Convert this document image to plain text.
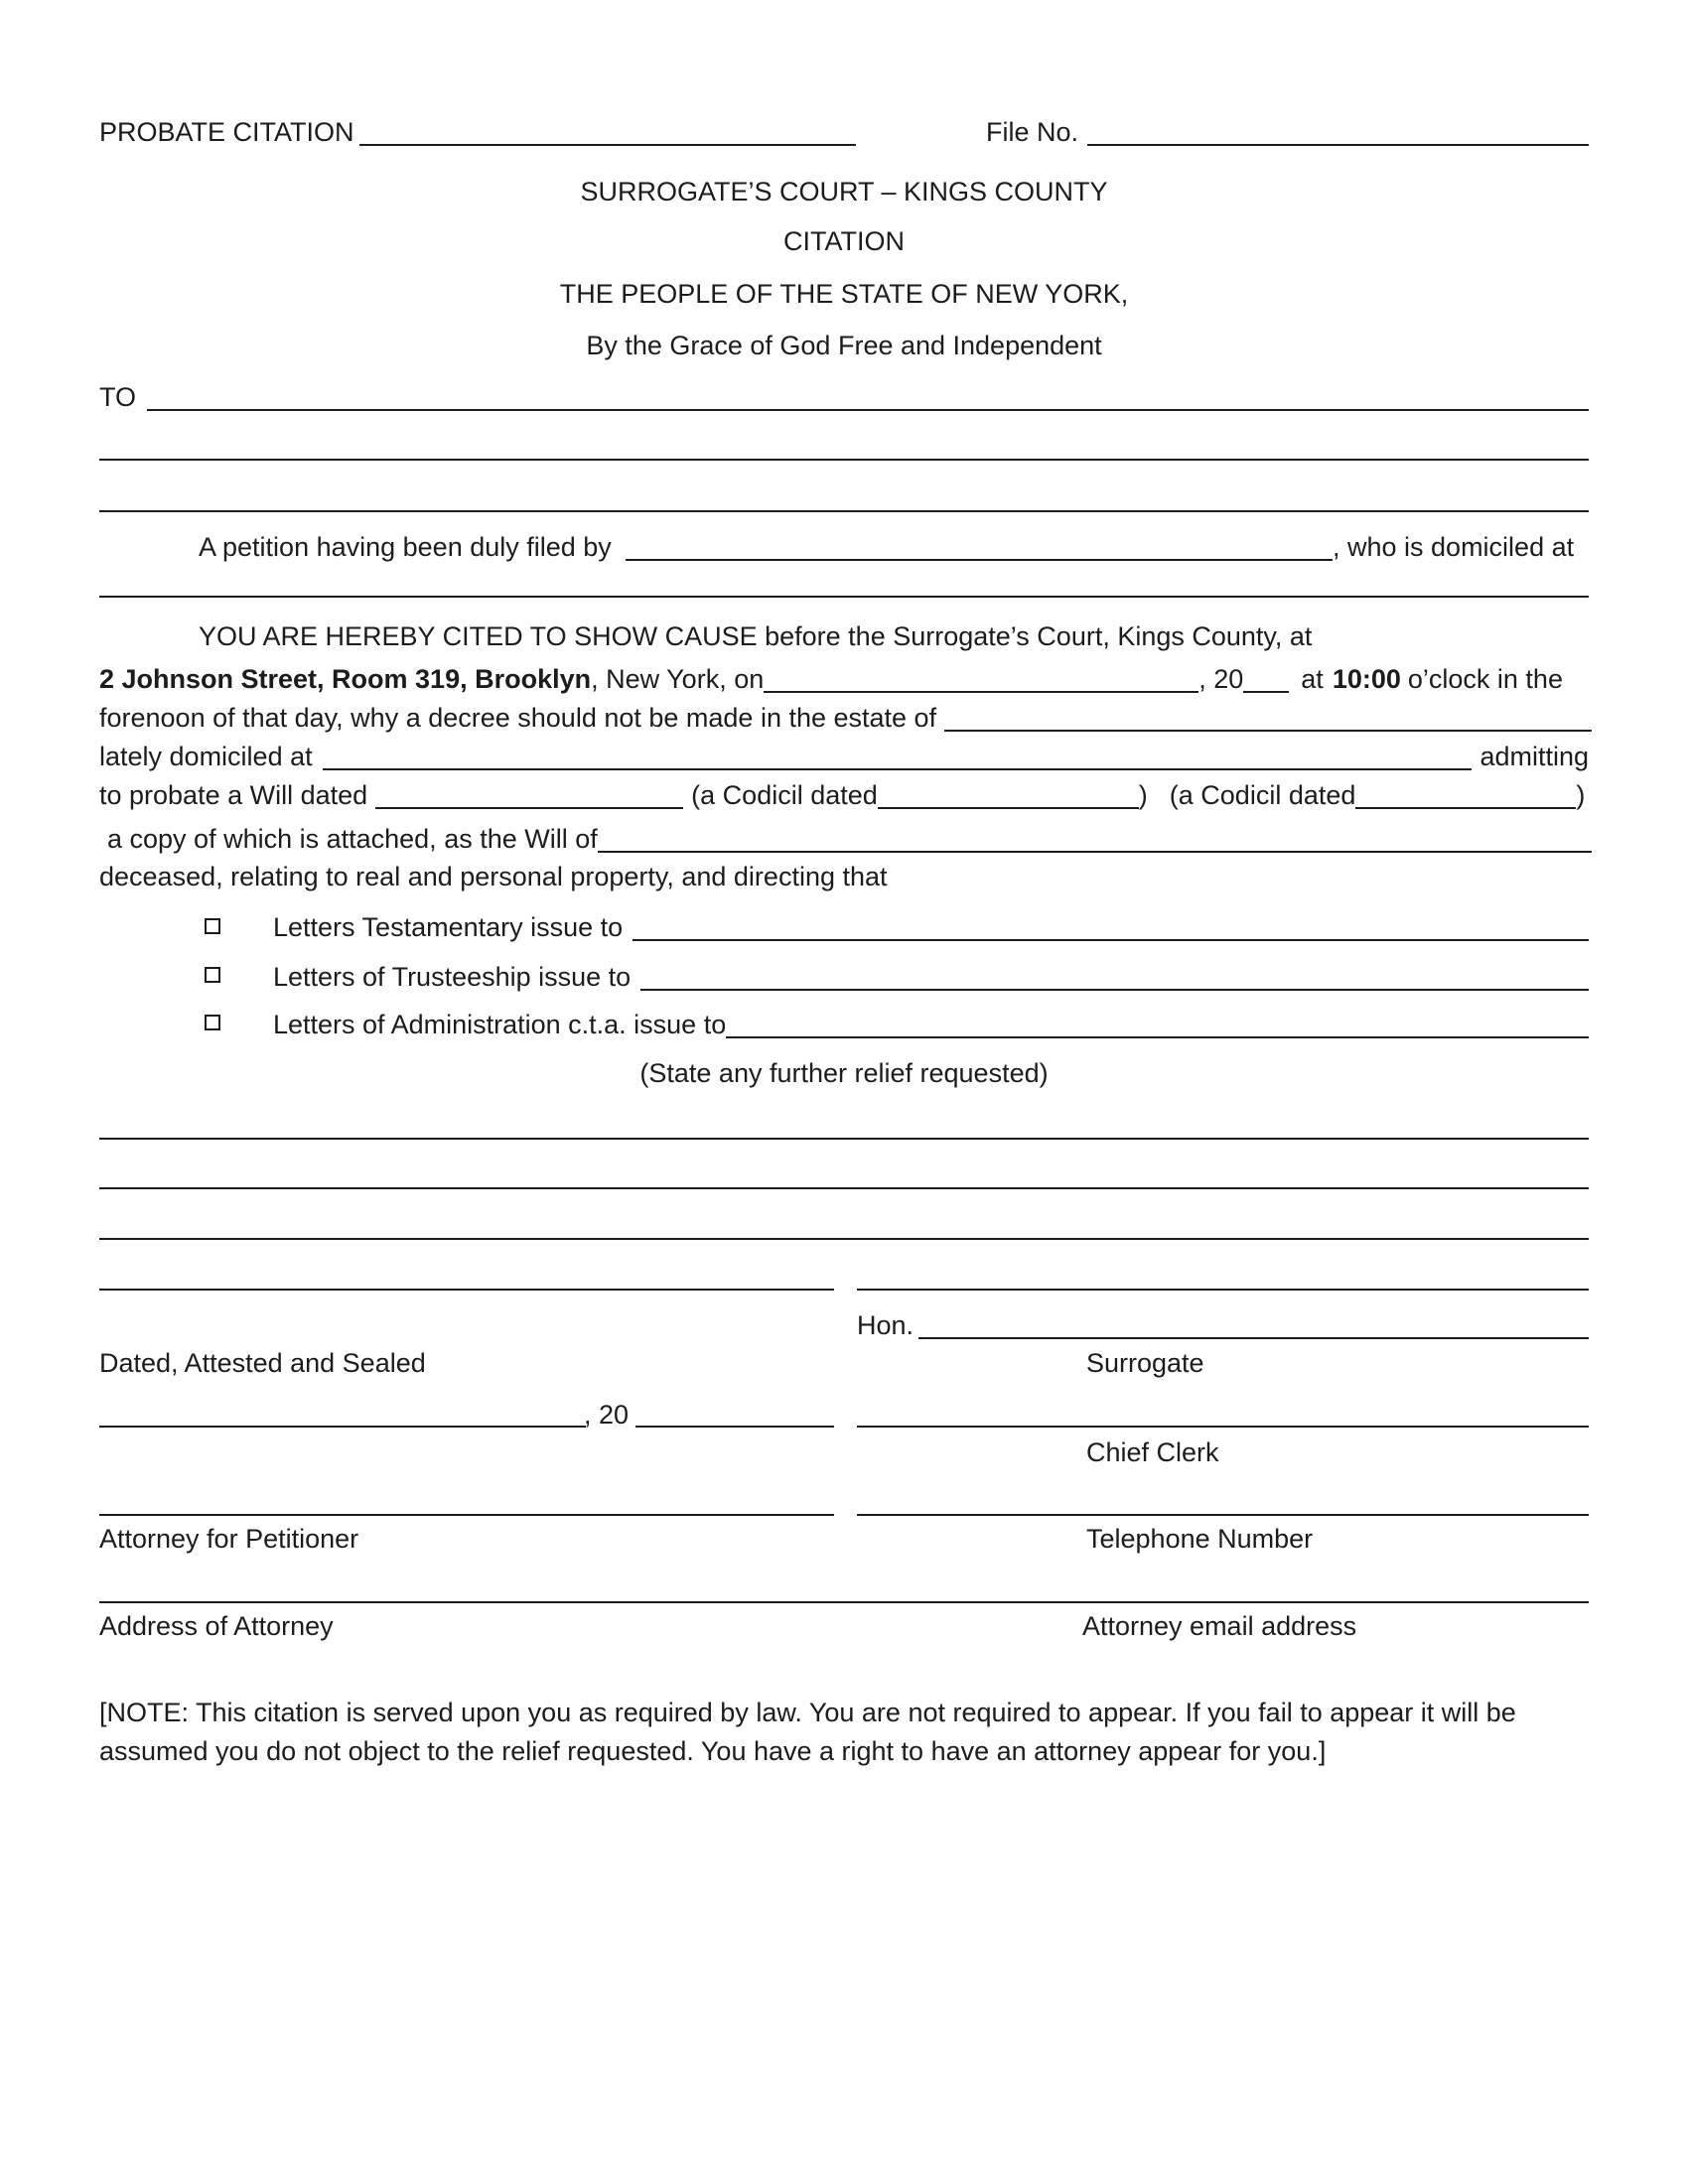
PROBATE CITATION	File No.
SURROGATE’S COURT – KINGS COUNTY
CITATION
THE PEOPLE OF THE STATE OF NEW YORK,
By the Grace of God Free and Independent
TO
A petition having been duly filed by	, who is domiciled at
YOU ARE HEREBY CITED TO SHOW CAUSE before the Surrogate’s Court, Kings County, at
2 Johnson Street, Room 319, Brooklyn , New York, on	, 20 at 10:00 o’clock in the
forenoon of that day, why a decree should not be made in the estate of
lately domiciled at	admitting
to probate a Will dated	(a Codicil dated	) (a Codicil dated	)
a copy of which is attached, as the Will of
deceased, relating to real and personal property, and directing that
Letters Testamentary issue to
Letters of Trusteeship issue to
Letters of Administration c.t.a. issue to
(State any further relief requested)
Hon.
Dated, Attested and Sealed	Surrogate
, 20
Chief Clerk
Attorney for Petitioner	Telephone Number
Address of Attorney	Attorney email address
[NOTE: This citation is served upon you as required by law. You are not required to appear. If you fail to appear it will be
assumed you do not object to the relief requested. You have a right to have an attorney appear for you.]
